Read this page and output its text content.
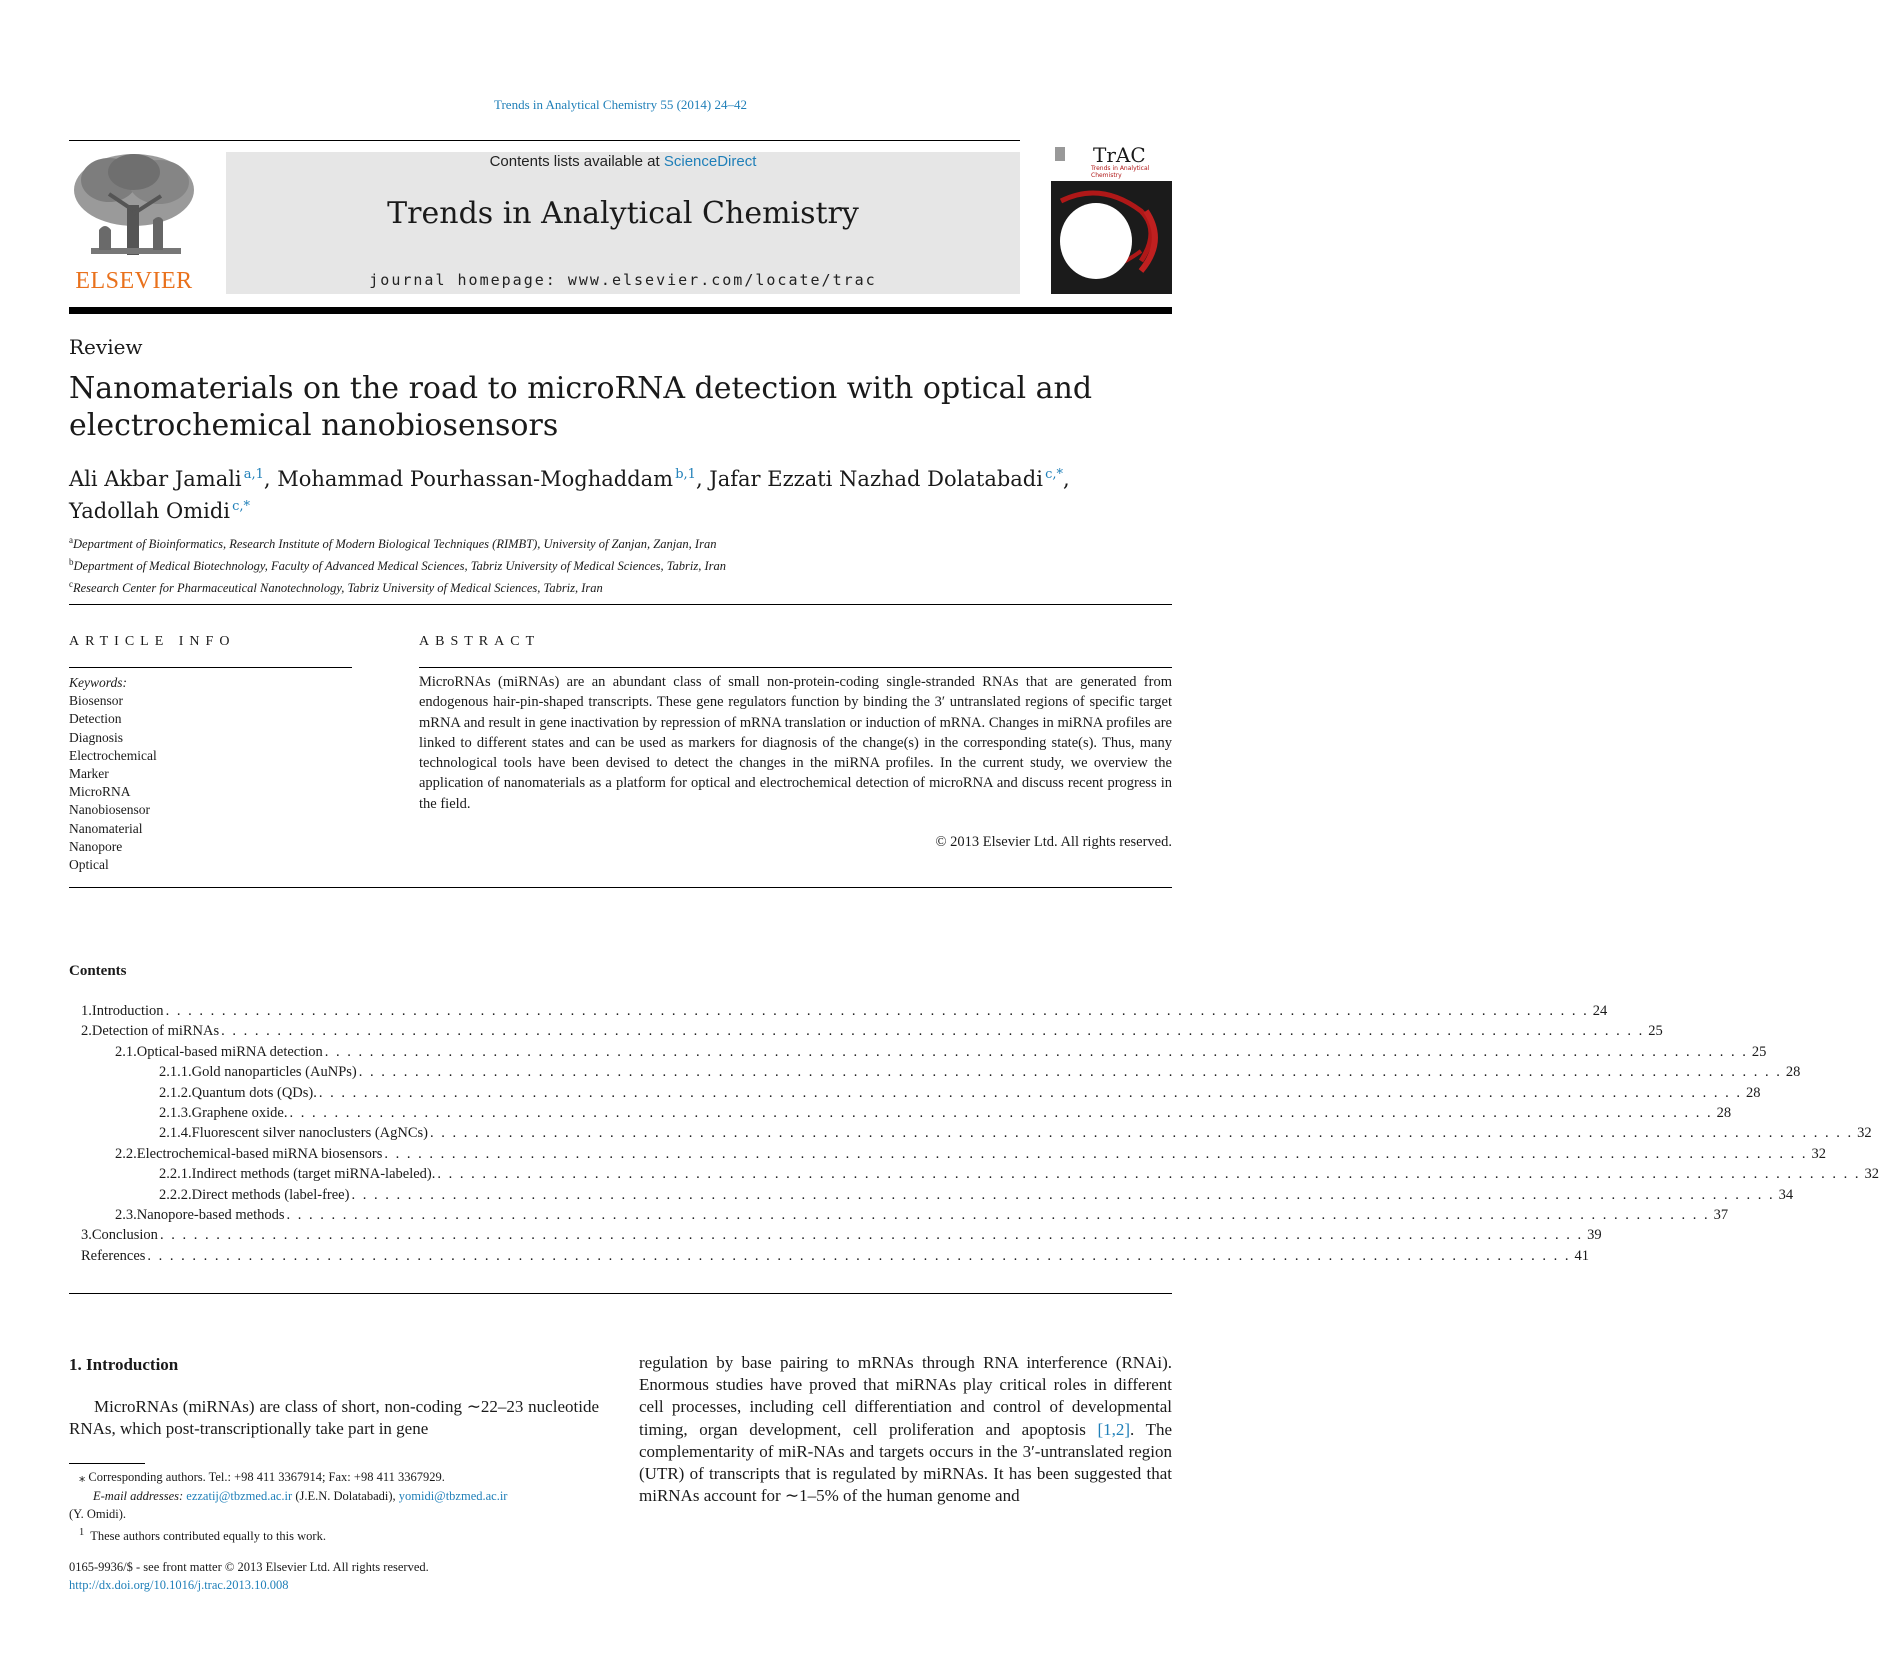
Trends in Analytical Chemistry 55 (2014) 24–42
ELSEVIER
Contents lists available at ScienceDirect
Trends in Analytical Chemistry
journal homepage: www.elsevier.com/locate/trac
TrAC
Trends in Analytical Chemistry
Review
Nanomaterials on the road to microRNA detection with optical and electrochemical nanobiosensors
Ali Akbar Jamali  $^{a,1}$, Mohammad Pourhassan-Moghaddam  $^{b,1}$, Jafar Ezzati Nazhad Dolatabadi  $^{c,*}$,
Yadollah Omidi  $^{c,*}$
$^a$Department of Bioinformatics, Research Institute of Modern Biological Techniques (RIMBT), University of Zanjan, Zanjan, Iran
$^b$Department of Medical Biotechnology, Faculty of Advanced Medical Sciences, Tabriz University of Medical Sciences, Tabriz, Iran
$^c$Research Center for Pharmaceutical Nanotechnology, Tabriz University of Medical Sciences, Tabriz, Iran
ARTICLE INFO
Keywords:
Biosensor
Detection
Diagnosis
Electrochemical
Marker
MicroRNA
Nanobiosensor
Nanomaterial
Nanopore
Optical
ABSTRACT
MicroRNAs (miRNAs) are an abundant class of small non-protein-coding single-stranded RNAs that are generated from endogenous hair-pin-shaped transcripts. These gene regulators function by binding the 3′ untranslated regions of specific target mRNA and result in gene inactivation by repression of mRNA translation or induction of mRNA. Changes in miRNA profiles are linked to different states and can be used as markers for diagnosis of the change(s) in the corresponding state(s). Thus, many technological tools have been devised to detect the changes in the miRNA profiles. In the current study, we overview the application of nanomaterials as a platform for optical and electrochemical detection of microRNA and discuss recent progress in the field.
© 2013 Elsevier Ltd. All rights reserved.
Contents
1. Introduction . . . . . . . . . . . . . . . . . . . . . . . . . . . . . . . . . . . . . . . . . . . . . . . . . . . . . . . . . . . . . . . . . . . . . . . . . . . . . . . . . . . . . . . . . . . . . . . . . . . . . . . . . . . . . . . . . . . . . . . . . . . . . . . 24
2. Detection of miRNAs . . . . . . . . . . . . . . . . . . . . . . . . . . . . . . . . . . . . . . . . . . . . . . . . . . . . . . . . . . . . . . . . . . . . . . . . . . . . . . . . . . . . . . . . . . . . . . . . . . . . . . . . . . . . . . . . . . . . . . . . . . . . . . . 25
2.1. Optical-based miRNA detection . . . . . . . . . . . . . . . . . . . . . . . . . . . . . . . . . . . . . . . . . . . . . . . . . . . . . . . . . . . . . . . . . . . . . . . . . . . . . . . . . . . . . . . . . . . . . . . . . . . . . . . . . . . . . . . . . . . . . . . . . . . . . . . 25
2.1.1. Gold nanoparticles (AuNPs) . . . . . . . . . . . . . . . . . . . . . . . . . . . . . . . . . . . . . . . . . . . . . . . . . . . . . . . . . . . . . . . . . . . . . . . . . . . . . . . . . . . . . . . . . . . . . . . . . . . . . . . . . . . . . . . . . . . . . . . . . . . . . . . 28
2.1.2. Quantum dots (QDs). . . . . . . . . . . . . . . . . . . . . . . . . . . . . . . . . . . . . . . . . . . . . . . . . . . . . . . . . . . . . . . . . . . . . . . . . . . . . . . . . . . . . . . . . . . . . . . . . . . . . . . . . . . . . . . . . . . . . . . . . . . . . . . . 28
2.1.3. Graphene oxide. . . . . . . . . . . . . . . . . . . . . . . . . . . . . . . . . . . . . . . . . . . . . . . . . . . . . . . . . . . . . . . . . . . . . . . . . . . . . . . . . . . . . . . . . . . . . . . . . . . . . . . . . . . . . . . . . . . . . . . . . . . . . . . . 28
2.1.4. Fluorescent silver nanoclusters (AgNCs) . . . . . . . . . . . . . . . . . . . . . . . . . . . . . . . . . . . . . . . . . . . . . . . . . . . . . . . . . . . . . . . . . . . . . . . . . . . . . . . . . . . . . . . . . . . . . . . . . . . . . . . . . . . . . . . . . . . . . . . . . . . . . . . 32
2.2. Electrochemical-based miRNA biosensors . . . . . . . . . . . . . . . . . . . . . . . . . . . . . . . . . . . . . . . . . . . . . . . . . . . . . . . . . . . . . . . . . . . . . . . . . . . . . . . . . . . . . . . . . . . . . . . . . . . . . . . . . . . . . . . . . . . . . . . . . . . . . . . 32
2.2.1. Indirect methods (target miRNA-labeled). . . . . . . . . . . . . . . . . . . . . . . . . . . . . . . . . . . . . . . . . . . . . . . . . . . . . . . . . . . . . . . . . . . . . . . . . . . . . . . . . . . . . . . . . . . . . . . . . . . . . . . . . . . . . . . . . . . . . . . . . . . . . . . . 32
2.2.2. Direct methods (label-free) . . . . . . . . . . . . . . . . . . . . . . . . . . . . . . . . . . . . . . . . . . . . . . . . . . . . . . . . . . . . . . . . . . . . . . . . . . . . . . . . . . . . . . . . . . . . . . . . . . . . . . . . . . . . . . . . . . . . . . . . . . . . . . . 34
2.3. Nanopore-based methods . . . . . . . . . . . . . . . . . . . . . . . . . . . . . . . . . . . . . . . . . . . . . . . . . . . . . . . . . . . . . . . . . . . . . . . . . . . . . . . . . . . . . . . . . . . . . . . . . . . . . . . . . . . . . . . . . . . . . . . . . . . . . . . 37
3. Conclusion . . . . . . . . . . . . . . . . . . . . . . . . . . . . . . . . . . . . . . . . . . . . . . . . . . . . . . . . . . . . . . . . . . . . . . . . . . . . . . . . . . . . . . . . . . . . . . . . . . . . . . . . . . . . . . . . . . . . . . . . . . . . . . . 39
References . . . . . . . . . . . . . . . . . . . . . . . . . . . . . . . . . . . . . . . . . . . . . . . . . . . . . . . . . . . . . . . . . . . . . . . . . . . . . . . . . . . . . . . . . . . . . . . . . . . . . . . . . . . . . . . . . . . . . . . . . . . . . . . 41
1. Introduction
MicroRNAs (miRNAs) are class of short, non-coding ∼22–23 nucleotide RNAs, which post-transcriptionally take part in gene
regulation by base pairing to mRNAs through RNA interference (RNAi). Enormous studies have proved that miRNAs play critical roles in different cell processes, including cell differentiation and control of developmental timing, organ development, cell proliferation and apoptosis [1,2]. The complementarity of miR-NAs and targets occurs in the 3′-untranslated region (UTR) of transcripts that is regulated by miRNAs. It has been suggested that miRNAs account for ∼1–5% of the human genome and
⁎ Corresponding authors. Tel.: +98 411 3367914; Fax: +98 411 3367929.
E-mail addresses: ezzatij@tbzmed.ac.ir (J.E.N. Dolatabadi), yomidi@tbzmed.ac.ir
(Y. Omidi).
$^1$ These authors contributed equally to this work.
0165-9936/$ - see front matter © 2013 Elsevier Ltd. All rights reserved.
http://dx.doi.org/10.1016/j.trac.2013.10.008
